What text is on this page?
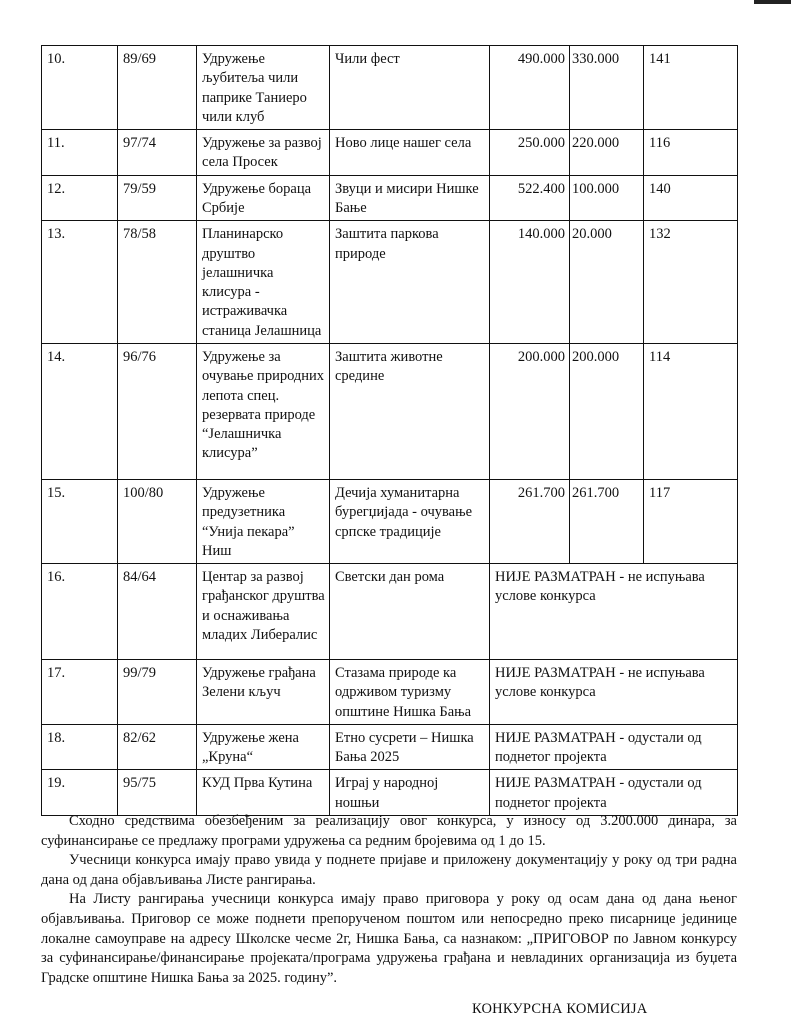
10.	89/69	Удружење љубитеља чили паприке Таниеро чили клуб	Чили фест	490.000	330.000	141
11.	97/74	Удружење за развој села Просек	Ново лице нашег села	250.000	220.000	116
12.	79/59	Удружење бораца Србије	Звуци и мисири Нишке Бање	522.400	100.000	140
13.	78/58	Планинарско друштво јелашничка клисура - истраживачка станица Јелашница	Заштита паркова природе	140.000	20.000	132
14.	96/76	Удружење за очување природних лепота спец. резервата природе “Јелашничка клисура”	Заштита животне средине	200.000	200.000	114
15.	100/80	Удружење предузетника “Унија пекара” Ниш	Дечија хуманитарна бурегџијада - очување српске традиције	261.700	261.700	117
16.	84/64	Центар за развоj грађанског друштва и оснаживања младих Либералис	Светски дан рома	НИЈЕ РАЗМАТРАН - не испуњава услове конкурса		
17.	99/79	Удружење грађана Зелени кључ	Стазама природе ка одрживом туризму општине Нишка Бања	НИЈЕ РАЗМАТРАН - не испуњава услове конкурса		
18.	82/62	Удружење жена „Круна“	Етно сусрети – Нишка Бања 2025	НИЈЕ РАЗМАТРАН - одустали од поднетог пројекта		
19.	95/75	КУД Прва Кутина	Играј у народној ношњи	НИЈЕ РАЗМАТРАН - одустали од поднетог пројекта		

Сходно средствима обезбеђеним за реализацију овог конкурса, у износу од 3.200.000 динара, за суфинансирање се предлажу програми удружења са редним бројевима од 1 до 15.

Учесници конкурса имају право увида у поднете пријаве и приложену документацију у року од три радна дана од дана објављивања Листе рангирања.

На Листу рангирања учесници конкурса имају право приговора у року од осам дана од дана њеног објављивања. Приговор се може поднети препорученом поштом или непосредно преко писарнице јединице локалне самоуправе на адресу Школске чесме 2г, Нишка Бања, са назнаком: „ПРИГОВОР по Јавном конкурсу за суфинансирање/финансирање пројеката/програма удружења грађана и невладиних организација из буџета Градске општине Нишка Бања за 2025. годину”.

КОНКУРСНА КОМИСИЈА
